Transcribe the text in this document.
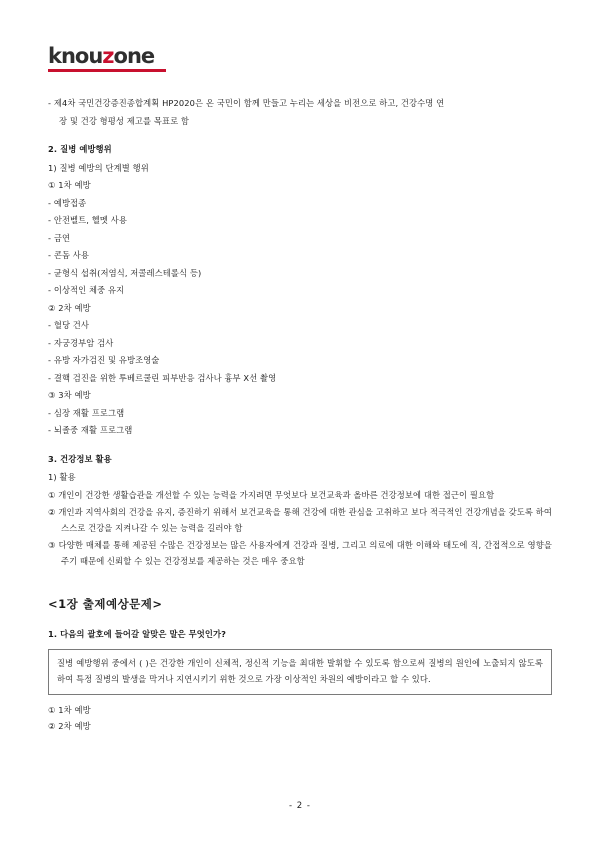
knouzone

- 제4차 국민건강증진종합계획 HP2020은 온 국민이 함께 만들고 누리는 세상을 비전으로 하고, 건강수명 연

장 및 건강 형평성 제고를 목표로 함

2. 질병 예방행위

1) 질병 예방의 단계별 행위

① 1차 예방

- 예방접종

- 안전벨트, 헬멧 사용

- 금연

- 콘돔 사용

- 균형식 섭취(저염식, 저콜레스테롤식 등)

- 이상적인 체중 유지

② 2차 예방

- 혈당 건사

- 자궁경부암 검사

- 유방 자가검진 및 유방조영술

- 결핵 검진을 위한 투베르쿨린 피부반응 검사나 흉부 X선 촬영

③ 3차 예방

- 심장 재활 프로그램

- 뇌졸중 재활 프로그램

3. 건강정보 활용

1) 활용

① 개인이 건강한 생활습관을 개선할 수 있는 능력을 가지려면 무엇보다 보건교육과 올바른 건강정보에 대한 접근이 필요함

② 개인과 지역사회의 건강을 유지, 증진하기 위해서 보건교육을 통해 건강에 대한 관심을 고취하고 보다 적극적인 건강개념을 갖도록 하여 스스로 건강을 지켜나갈 수 있는 능력을 길러야 함

③ 다양한 매체를 통해 제공된 수많은 건강정보는 많은 사용자에게 건강과 질병, 그리고 의료에 대한 이해와 태도에 직, 간접적으로 영향을 주기 때문에 신뢰할 수 있는 건강정보를 제공하는 것은 매우 중요함

<1장 출제예상문제>

1. 다음의 괄호에 들어갈 알맞은 말은 무엇인가?

질병 예방행위 중에서 ( )은 건강한 개인이 신체적, 정신적 기능을 최대한 발휘할 수 있도록 함으로써 질병의 원인에 노출되지 않도록 하여 특정 질병의 발생을 막거나 지연시키기 위한 것으로 가장 이상적인 차원의 예방이라고 할 수 있다.

① 1차 예방

② 2차 예방

- 2 -
